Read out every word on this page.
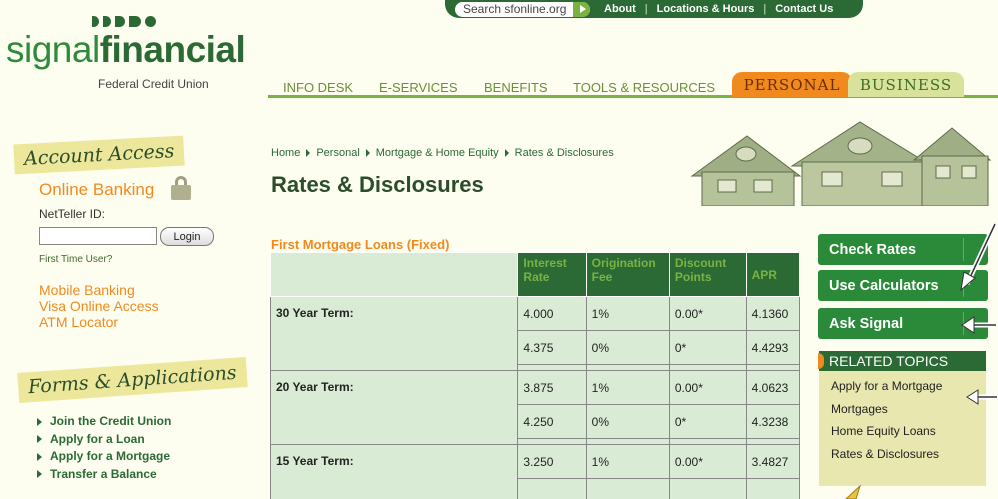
Search sfonline.org	About | Locations & Hours | Contact Us
signalfinancial
Federal Credit Union	INFO DESK E-SERVICES BENEFITS TOOLS & RESOURCES	PERSONAL	BUSINESS
Account Access
Online Banking
NetTeller ID:
Login
First Time User?
Mobile Banking
Visa Online Access
ATM Locator
Forms & Applications
Join the Credit Union
Apply for a Loan
Apply for a Mortgage
Transfer a Balance
Home Personal Mortgage & Home Equity Rates & Disclosures
Rates & Disclosures
First Mortgage Loans (Fixed)
	Interest Rate	Origination Fee	Discount Points	APR
30 Year Term:	4.000	1%	0.00*	4.1360
	4.375	0%	0*	4.4293

20 Year Term:	3.875	1%	0.00*	4.0623
	4.250	0%	0*	4.3238

15 Year Term:	3.250	1%	0.00*	3.4827

Check Rates
Use Calculators
Ask Signal
RELATED TOPICS
Apply for a Mortgage
Mortgages
Home Equity Loans
Rates & Disclosures
